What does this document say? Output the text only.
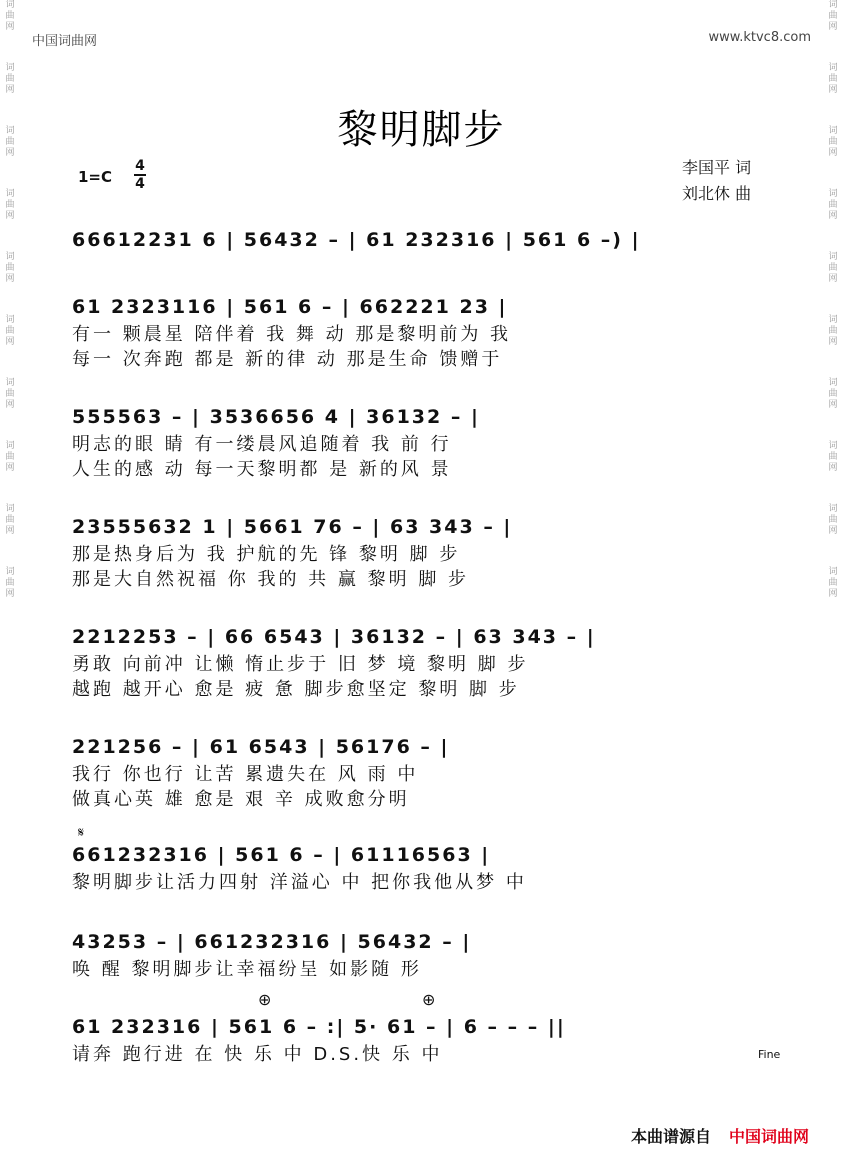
词
曲
网
词
曲
网
词
曲
网
词
曲
网
词
曲
网
词
曲
网
词
曲
网
词
曲
网
词
曲
网
词
曲
网
词
曲
网
词
曲
网
词
曲
网
词
曲
网
词
曲
网
词
曲
网
词
曲
网
词
曲
网
词
曲
网
词
曲
网
中国词曲网	www.ktvc8.com
黎明脚步
1=C
4
4
李国平 词
刘北休 曲
66612231 6 | 56432 – | 61 232316 | 561 6 –) |
61 2323116 | 561 6 – | 662221 23 |
有一 颗晨星 陪伴着 我 舞 动 那是黎明前为 我
每一 次奔跑 都是 新的律 动 那是生命 馈赠于
555563 – | 3536656 4 | 36132 – |
明志的眼 睛 有一缕晨风追随着 我 前 行
人生的感 动 每一天黎明都 是 新的风 景
23555632 1 | 5661 76 – | 63 343 – |
那是热身后为 我 护航的先 锋 黎明 脚 步
那是大自然祝福 你 我的 共 赢 黎明 脚 步
2212253 – | 66 6543 | 36132 – | 63 343 – |
勇敢 向前冲 让懒 惰止步于 旧 梦 境 黎明 脚 步
越跑 越开心 愈是 疲 惫 脚步愈坚定 黎明 脚 步
221256 – | 61 6543 | 56176 – |
我行 你也行 让苦 累遗失在 风 雨 中
做真心英 雄 愈是 艰 辛 成败愈分明
661232316 | 561 6 – | 61116563 |
黎明脚步让活力四射 洋溢心 中 把你我他从梦 中
43253 – | 661232316 | 56432 – |
唤 醒 黎明脚步让幸福纷呈 如影随 形
61 232316 | 561 6 – :| 5· 61 – | 6 – – – ||
请奔 跑行进 在 快 乐 中 D.S.快 乐 中
𝄋
⊕	⊕
Fine
本曲谱源自 中国词曲网
